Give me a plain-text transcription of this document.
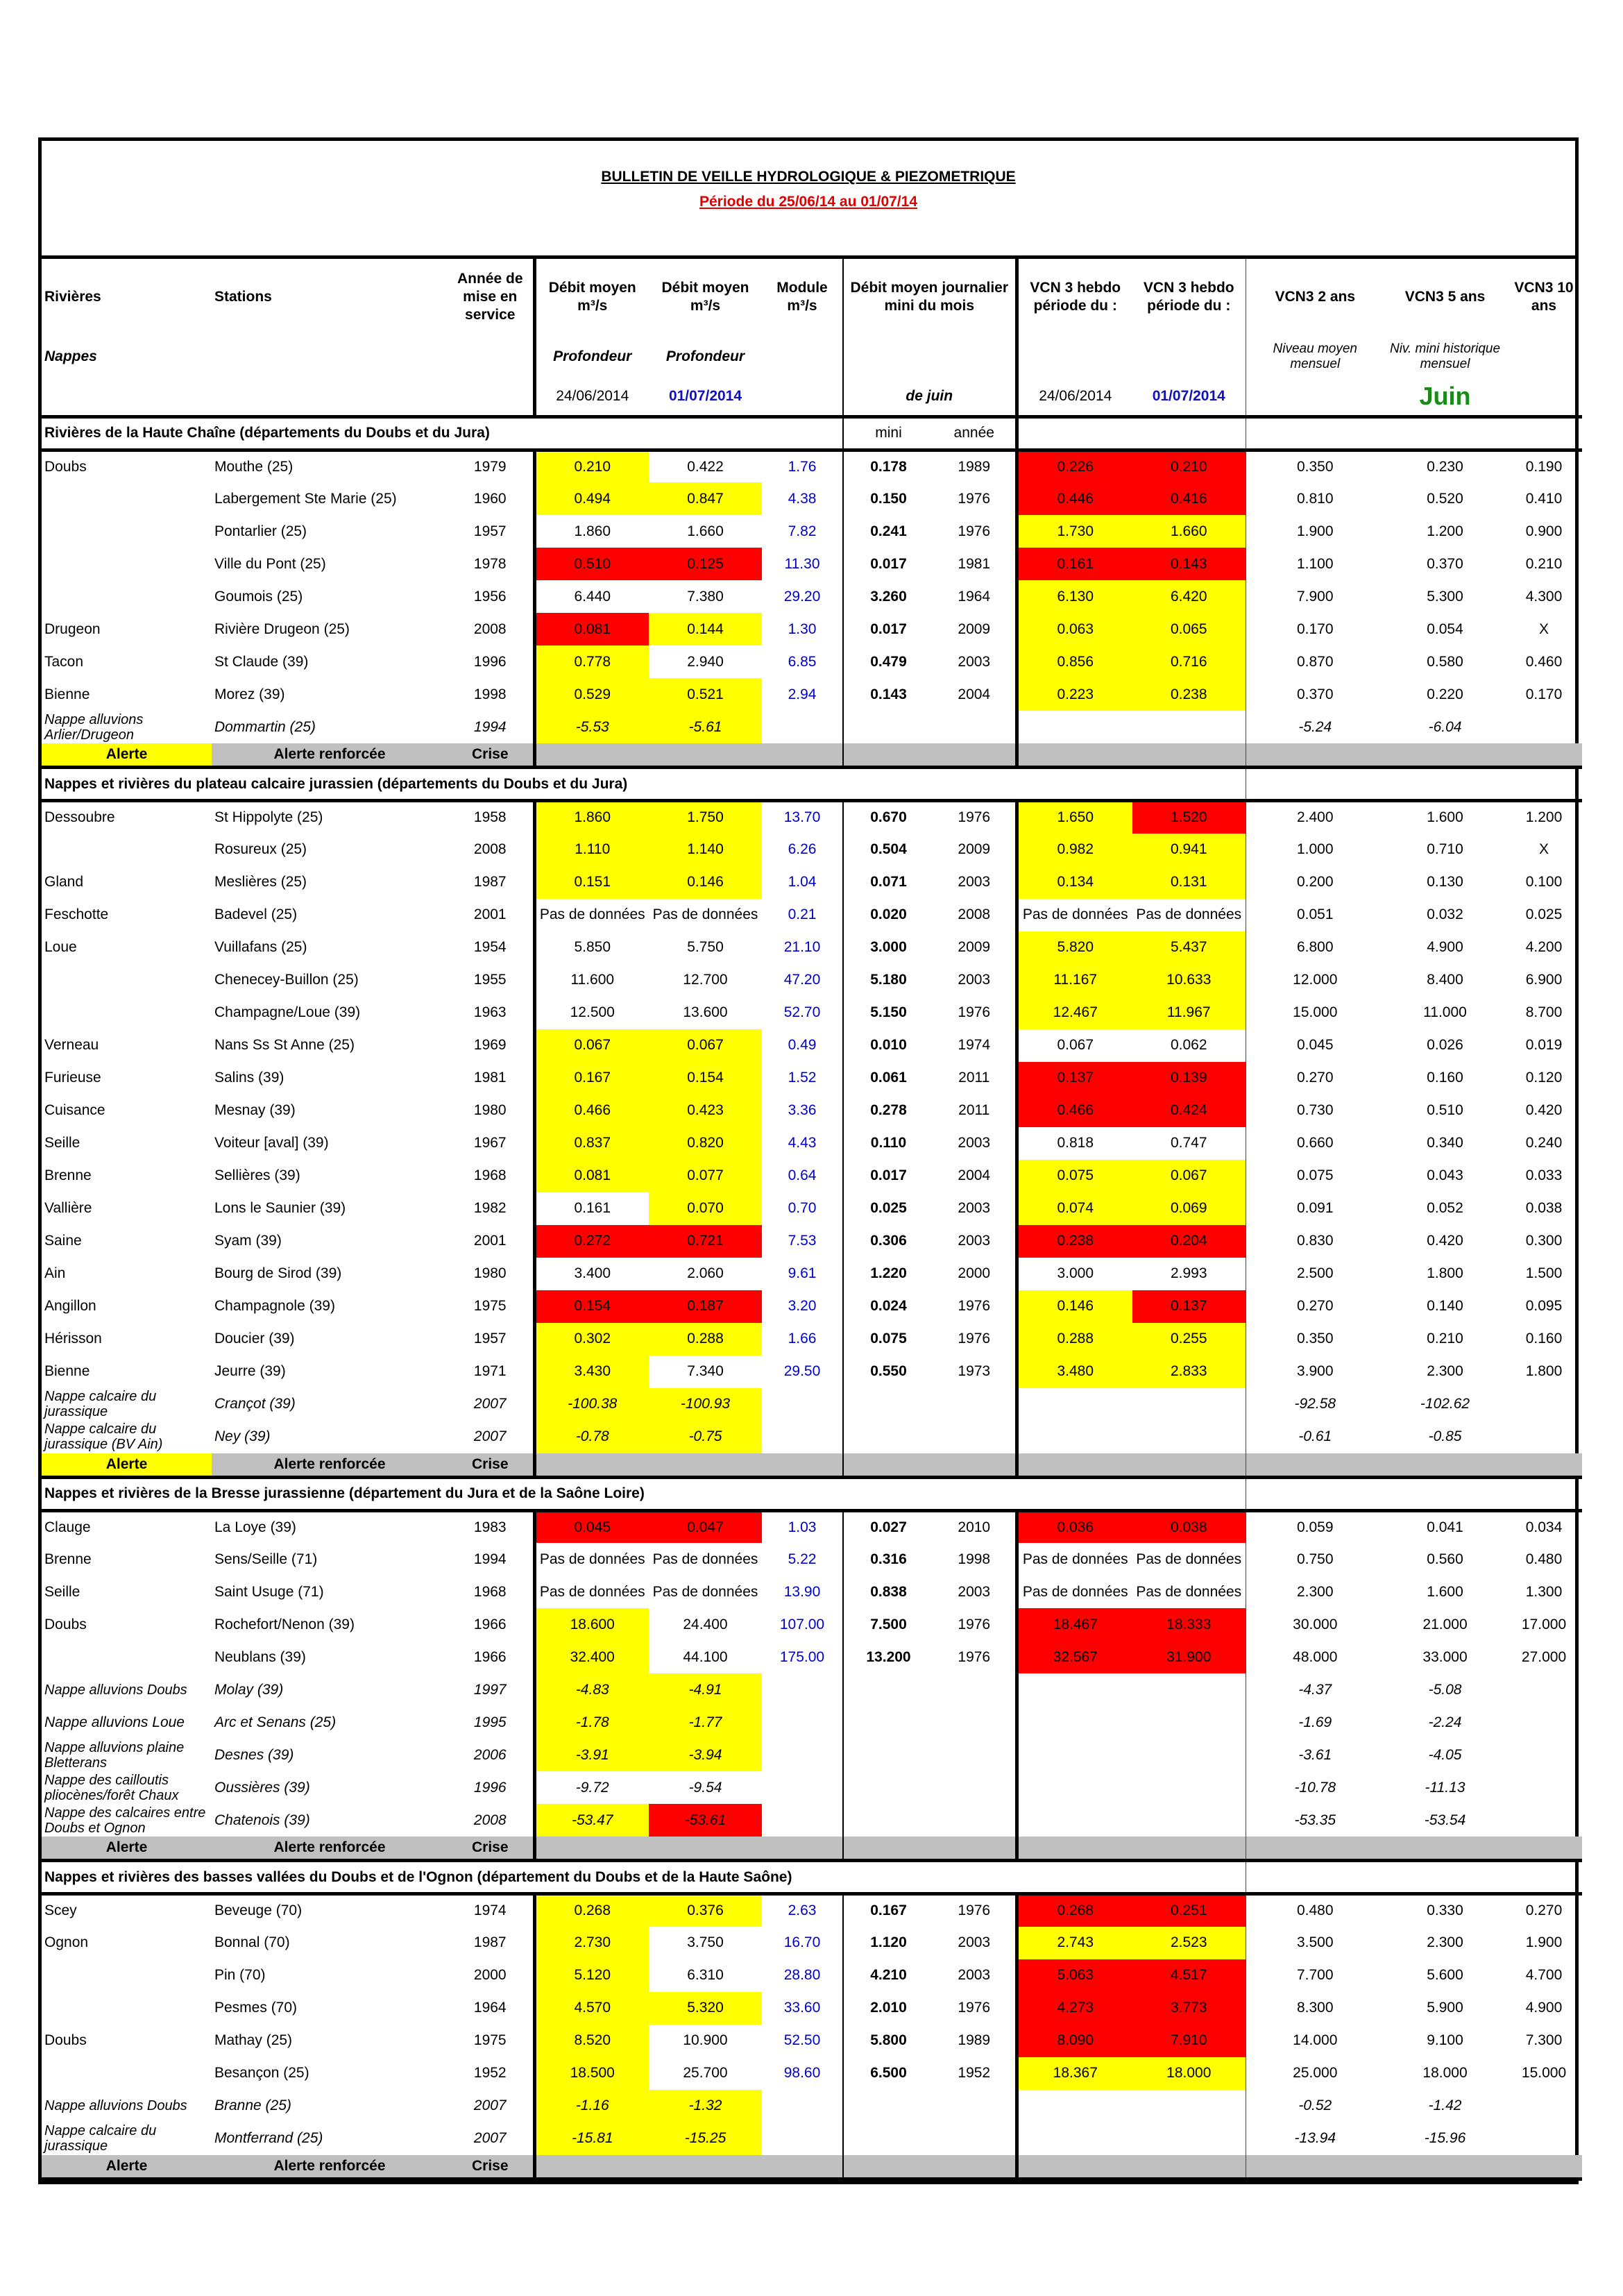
BULLETIN DE VEILLE HYDROLOGIQUE & PIEZOMETRIQUE
Période du 25/06/14 au 01/07/14
Rivières	Stations	Année de mise en service	Débit moyen m³/s	Débit moyen m³/s	Module m³/s	Débit moyen journalier mini du mois		VCN 3 hebdo période du :	VCN 3 hebdo période du :	VCN3 2 ans	VCN3 5 ans	VCN3 10 ans
Nappes			Profondeur	Profondeur						Niveau moyen mensuel	Niv. mini historique mensuel	
			24/06/2014	01/07/2014		de juin		24/06/2014	01/07/2014		Juin	
Rivières de la Haute Chaîne (départements du Doubs et du Jura)						mini	année					
Doubs	Mouthe (25)	1979	0.210	0.422	1.76	0.178	1989	0.226	0.210	0.350	0.230	0.190
	Labergement Ste Marie (25)	1960	0.494	0.847	4.38	0.150	1976	0.446	0.416	0.810	0.520	0.410
	Pontarlier (25)	1957	1.860	1.660	7.82	0.241	1976	1.730	1.660	1.900	1.200	0.900
	Ville du Pont (25)	1978	0.510	0.125	11.30	0.017	1981	0.161	0.143	1.100	0.370	0.210
	Goumois (25)	1956	6.440	7.380	29.20	3.260	1964	6.130	6.420	7.900	5.300	4.300
Drugeon	Rivière Drugeon (25)	2008	0.081	0.144	1.30	0.017	2009	0.063	0.065	0.170	0.054	X
Tacon	St Claude (39)	1996	0.778	2.940	6.85	0.479	2003	0.856	0.716	0.870	0.580	0.460
Bienne	Morez (39)	1998	0.529	0.521	2.94	0.143	2004	0.223	0.238	0.370	0.220	0.170
Nappe alluvions Arlier/Drugeon	Dommartin (25)	1994	-5.53	-5.61						-5.24	-6.04	
Alerte	Alerte renforcée	Crise										
Nappes et rivières du plateau calcaire jurassien (départements du Doubs et du Jura)												
Dessoubre	St Hippolyte (25)	1958	1.860	1.750	13.70	0.670	1976	1.650	1.520	2.400	1.600	1.200
	Rosureux (25)	2008	1.110	1.140	6.26	0.504	2009	0.982	0.941	1.000	0.710	X
Gland	Meslières (25)	1987	0.151	0.146	1.04	0.071	2003	0.134	0.131	0.200	0.130	0.100
Feschotte	Badevel (25)	2001	Pas de données	Pas de données	0.21	0.020	2008	Pas de données	Pas de données	0.051	0.032	0.025
Loue	Vuillafans (25)	1954	5.850	5.750	21.10	3.000	2009	5.820	5.437	6.800	4.900	4.200
	Chenecey-Buillon (25)	1955	11.600	12.700	47.20	5.180	2003	11.167	10.633	12.000	8.400	6.900
	Champagne/Loue (39)	1963	12.500	13.600	52.70	5.150	1976	12.467	11.967	15.000	11.000	8.700
Verneau	Nans Ss St Anne (25)	1969	0.067	0.067	0.49	0.010	1974	0.067	0.062	0.045	0.026	0.019
Furieuse	Salins (39)	1981	0.167	0.154	1.52	0.061	2011	0.137	0.139	0.270	0.160	0.120
Cuisance	Mesnay (39)	1980	0.466	0.423	3.36	0.278	2011	0.466	0.424	0.730	0.510	0.420
Seille	Voiteur [aval] (39)	1967	0.837	0.820	4.43	0.110	2003	0.818	0.747	0.660	0.340	0.240
Brenne	Sellières (39)	1968	0.081	0.077	0.64	0.017	2004	0.075	0.067	0.075	0.043	0.033
Vallière	Lons le Saunier (39)	1982	0.161	0.070	0.70	0.025	2003	0.074	0.069	0.091	0.052	0.038
Saine	Syam (39)	2001	0.272	0.721	7.53	0.306	2003	0.238	0.204	0.830	0.420	0.300
Ain	Bourg de Sirod (39)	1980	3.400	2.060	9.61	1.220	2000	3.000	2.993	2.500	1.800	1.500
Angillon	Champagnole (39)	1975	0.154	0.187	3.20	0.024	1976	0.146	0.137	0.270	0.140	0.095
Hérisson	Doucier (39)	1957	0.302	0.288	1.66	0.075	1976	0.288	0.255	0.350	0.210	0.160
Bienne	Jeurre (39)	1971	3.430	7.340	29.50	0.550	1973	3.480	2.833	3.900	2.300	1.800
Nappe calcaire du jurassique	Crançot (39)	2007	-100.38	-100.93						-92.58	-102.62	
Nappe calcaire du jurassique (BV Ain)	Ney (39)	2007	-0.78	-0.75						-0.61	-0.85	
Alerte	Alerte renforcée	Crise										
Nappes et rivières de la Bresse jurassienne (département du Jura et de la Saône Loire)												
Clauge	La Loye (39)	1983	0.045	0.047	1.03	0.027	2010	0.036	0.038	0.059	0.041	0.034
Brenne	Sens/Seille (71)	1994	Pas de données	Pas de données	5.22	0.316	1998	Pas de données	Pas de données	0.750	0.560	0.480
Seille	Saint Usuge (71)	1968	Pas de données	Pas de données	13.90	0.838	2003	Pas de données	Pas de données	2.300	1.600	1.300
Doubs	Rochefort/Nenon (39)	1966	18.600	24.400	107.00	7.500	1976	18.467	18.333	30.000	21.000	17.000
	Neublans (39)	1966	32.400	44.100	175.00	13.200	1976	32.567	31.900	48.000	33.000	27.000
Nappe alluvions Doubs	Molay (39)	1997	-4.83	-4.91						-4.37	-5.08	
Nappe alluvions Loue	Arc et Senans (25)	1995	-1.78	-1.77						-1.69	-2.24	
Nappe alluvions plaine Bletterans	Desnes (39)	2006	-3.91	-3.94						-3.61	-4.05	
Nappe des cailloutis pliocènes/forêt Chaux	Oussières (39)	1996	-9.72	-9.54						-10.78	-11.13	
Nappe des calcaires entre Doubs et Ognon	Chatenois (39)	2008	-53.47	-53.61						-53.35	-53.54	
Alerte	Alerte renforcée	Crise										
Nappes et rivières des basses vallées du Doubs et de l'Ognon (département du Doubs et de la Haute Saône)												
Scey	Beveuge (70)	1974	0.268	0.376	2.63	0.167	1976	0.268	0.251	0.480	0.330	0.270
Ognon	Bonnal (70)	1987	2.730	3.750	16.70	1.120	2003	2.743	2.523	3.500	2.300	1.900
	Pin (70)	2000	5.120	6.310	28.80	4.210	2003	5.063	4.517	7.700	5.600	4.700
	Pesmes (70)	1964	4.570	5.320	33.60	2.010	1976	4.273	3.773	8.300	5.900	4.900
Doubs	Mathay (25)	1975	8.520	10.900	52.50	5.800	1989	8.090	7.910	14.000	9.100	7.300
	Besançon (25)	1952	18.500	25.700	98.60	6.500	1952	18.367	18.000	25.000	18.000	15.000
Nappe alluvions Doubs	Branne (25)	2007	-1.16	-1.32						-0.52	-1.42	
Nappe calcaire du jurassique	Montferrand (25)	2007	-15.81	-15.25						-13.94	-15.96	
Alerte	Alerte renforcée	Crise										
